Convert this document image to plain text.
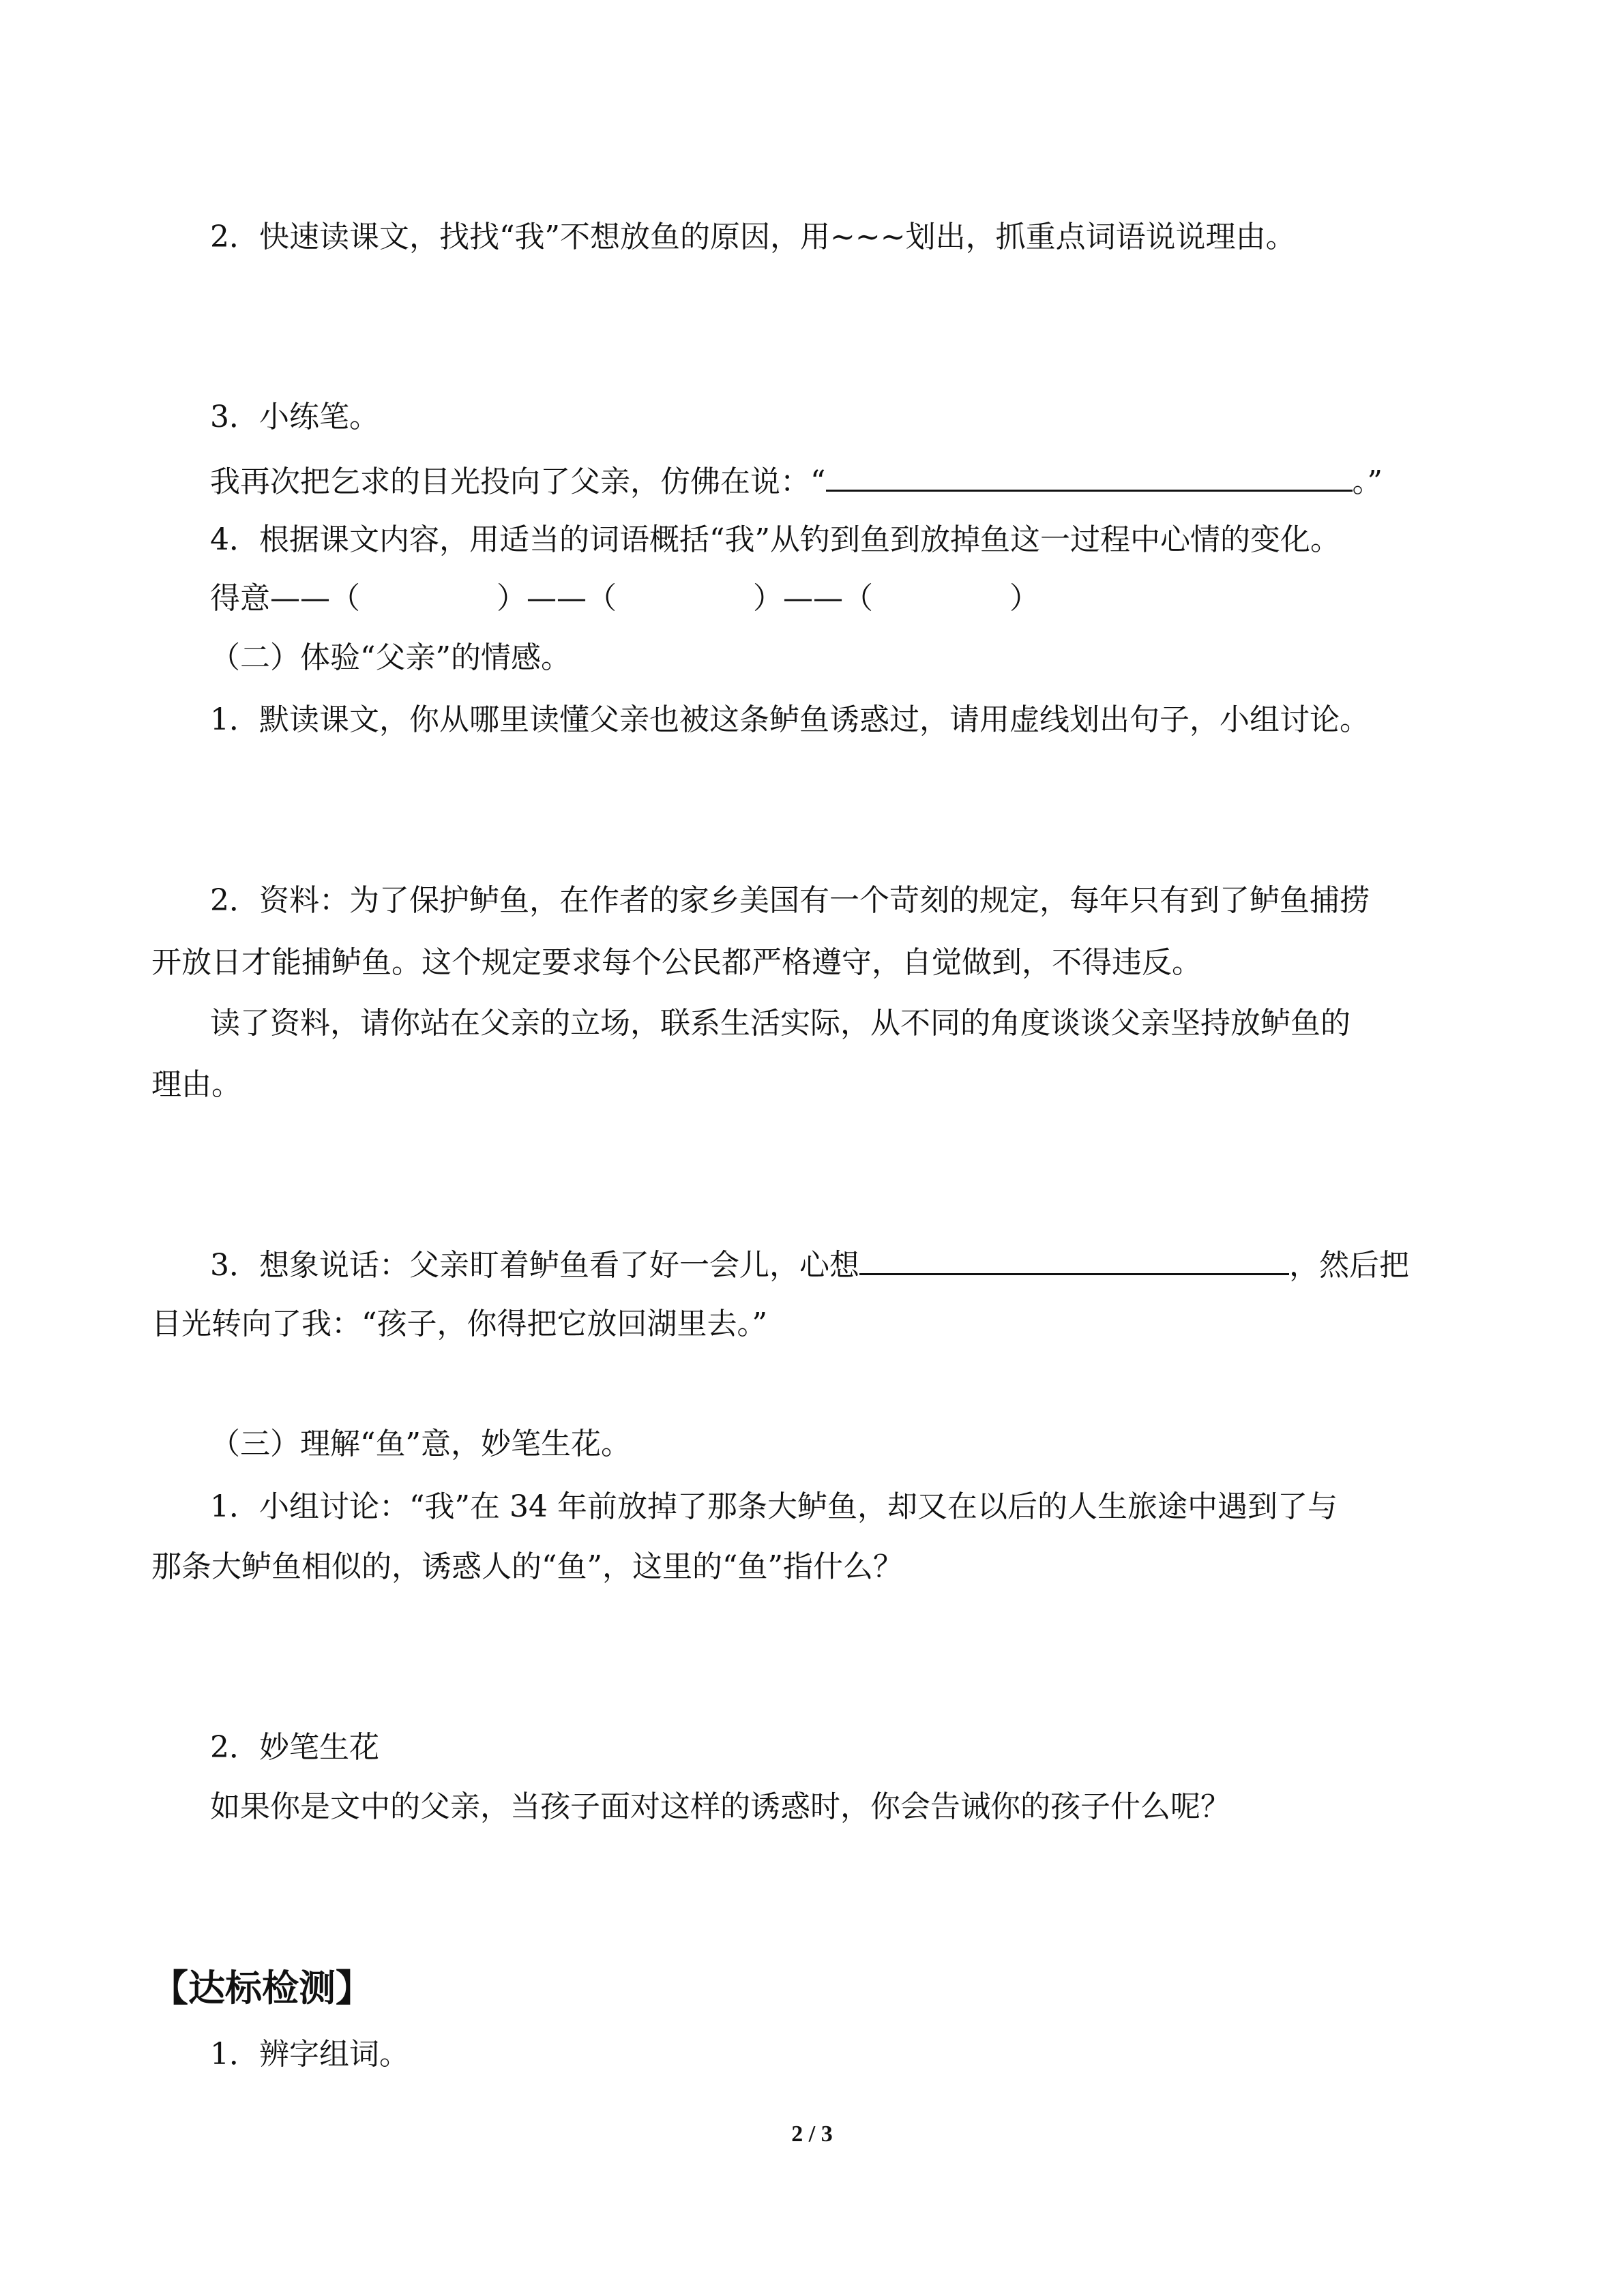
2．快速读课文，找找“我”不想放鱼的原因，用~~~划出，抓重点词语说说理由。
3．小练笔。
我再次把乞求的目光投向了父亲，仿佛在说：“	。”
4．根据课文内容，用适当的词语概括“我”从钓到鱼到放掉鱼这一过程中心情的变化。
得意——（	）——（	）——（	）
（二）体验“父亲”的情感。
1．默读课文，你从哪里读懂父亲也被这条鲈鱼诱惑过，请用虚线划出句子，小组讨论。
2．资料：为了保护鲈鱼，在作者的家乡美国有一个苛刻的规定，每年只有到了鲈鱼捕捞
开放日才能捕鲈鱼。这个规定要求每个公民都严格遵守，自觉做到，不得违反。
读了资料，请你站在父亲的立场，联系生活实际，从不同的角度谈谈父亲坚持放鲈鱼的
理由。
3．想象说话：父亲盯着鲈鱼看了好一会儿，心想	，然后把
目光转向了我：“孩子，你得把它放回湖里去。”
（三）理解“鱼”意，妙笔生花。
1．小组讨论：“我”在 34 年前放掉了那条大鲈鱼，却又在以后的人生旅途中遇到了与
那条大鲈鱼相似的，诱惑人的“鱼”，这里的“鱼”指什么？
2．妙笔生花
如果你是文中的父亲，当孩子面对这样的诱惑时，你会告诫你的孩子什么呢？
【达标检测】
1．辨字组词。
2 / 3
